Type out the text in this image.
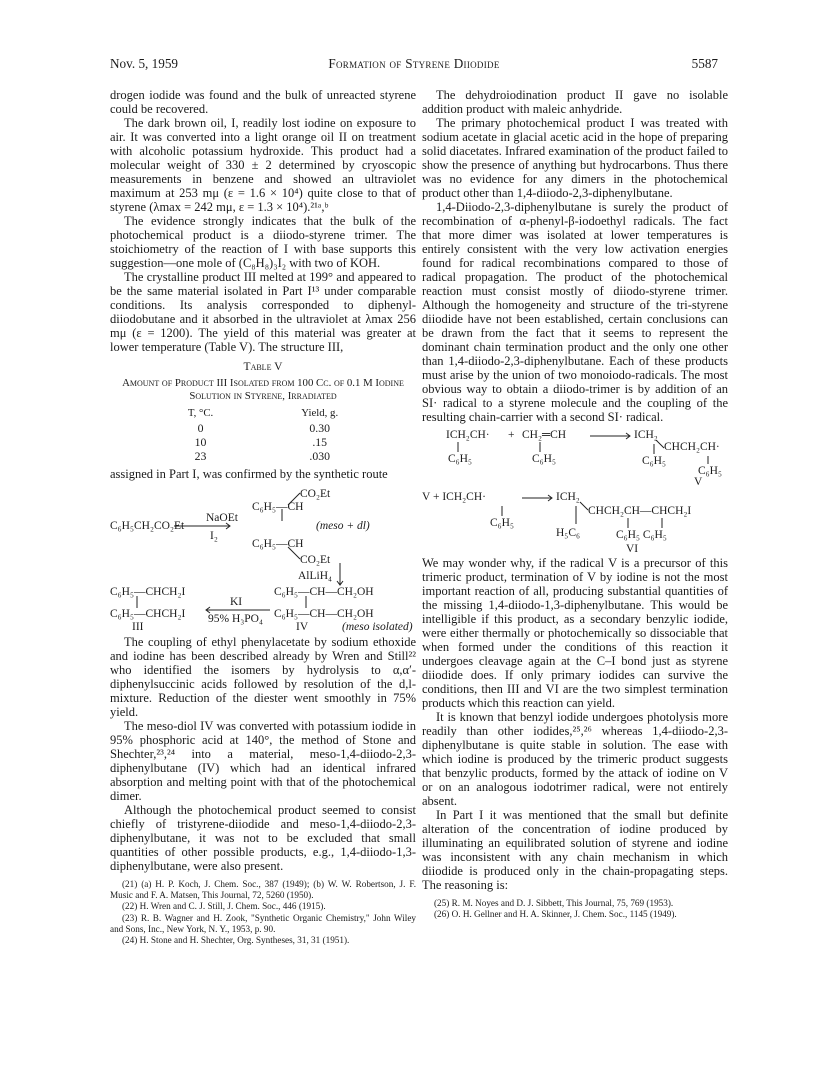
Nov. 5, 1959	Formation of Styrene Diiodide	5587

drogen iodide was found and the bulk of unreacted styrene could be recovered.

The dark brown oil, I, readily lost iodine on exposure to air. It was converted into a light orange oil II on treatment with alcoholic potassium hydroxide. This product had a molecular weight of 330 ± 2 determined by cryoscopic measurements in benzene and showed an ultraviolet maximum at 253 mμ (ε = 1.6 × 10⁴) quite close to that of styrene (λmax = 242 mμ, ε = 1.3 × 10⁴).²¹ᵃ,ᵇ

The evidence strongly indicates that the bulk of the photochemical product is a diiodo-styrene trimer. The stoichiometry of the reaction of I with base supports this suggestion—one mole of (C₈H₈)₃I₂ with two of KOH.

The crystalline product III melted at 199° and appeared to be the same material isolated in Part I¹³ under comparable conditions. Its analysis corresponded to diphenyl-diiodobutane and it absorbed in the ultraviolet at λmax 256 mμ (ε = 1200). The yield of this material was greater at lower temperature (Table V). The structure III,

Table V
Amount of Product III Isolated from 100 Cc. of 0.1 M Iodine Solution in Styrene, Irradiated
T, °C.	Yield, g.
0	0.30
10	.15
23	.030

assigned in Part I, was confirmed by the synthetic route

CO₂Et
NaOEt
C₆H₅—CH
C₆H₅CH₂CO₂Et	(meso + dl)
I₂
C₆H₅—CH
CO₂Et
AlLiH₄
C₆H₅—CHCH₂I
KI
C₆H₅—CH—CH₂OH
C₆H₅—CHCH₂I 95% H₃PO₄ C₆H₅—CH—CH₂OH
III	IV	(meso isolated)

The coupling of ethyl phenylacetate by sodium ethoxide and iodine has been described already by Wren and Still²² who identified the isomers by hydrolysis to α,α′-diphenylsuccinic acids followed by resolution of the d,l-mixture. Reduction of the diester went smoothly in 75% yield.

The meso-diol IV was converted with potassium iodide in 95% phosphoric acid at 140°, the method of Stone and Shechter,²³,²⁴ into a material, meso-1,4-diiodo-2,3-diphenylbutane (IV) which had an identical infrared absorption and melting point with that of the photochemical dimer.

Although the photochemical product seemed to consist chiefly of tristyrene-diiodide and meso-1,4-diiodo-2,3-diphenylbutane, it was not to be excluded that small quantities of other possible products, e.g., 1,4-diiodo-1,3-diphenylbutane, were also present.

(21) (a) H. P. Koch, J. Chem. Soc., 387 (1949); (b) W. W. Robertson, J. F. Music and F. A. Matsen, This Journal, 72, 5260 (1950).

(22) H. Wren and C. J. Still, J. Chem. Soc., 446 (1915).

(23) R. B. Wagner and H. Zook, "Synthetic Organic Chemistry," John Wiley and Sons, Inc., New York, N. Y., 1953, p. 90.

(24) H. Stone and H. Shechter, Org. Syntheses, 31, 31 (1951).

The dehydroiodination product II gave no isolable addition product with maleic anhydride.

The primary photochemical product I was treated with sodium acetate in glacial acetic acid in the hope of preparing solid diacetates. Infrared examination of the product failed to show the presence of anything but hydrocarbons. Thus there was no evidence for any dimers in the photochemical product other than 1,4-diiodo-2,3-diphenylbutane.

1,4-Diiodo-2,3-diphenylbutane is surely the product of recombination of α-phenyl-β-iodoethyl radicals. The fact that more dimer was isolated at lower temperatures is entirely consistent with the very low activation energies found for radical recombinations compared to those of radical propagation. The product of the photochemical reaction must consist mostly of diiodo-styrene trimer. Although the homogeneity and structure of the tri-styrene diiodide have not been established, certain conclusions can be drawn from the fact that it seems to represent the dominant chain termination product and the only one other than 1,4-diiodo-2,3-diphenylbutane. Each of these products must arise by the union of two monoiodo-radicals. The most obvious way to obtain a diiodo-trimer is by addition of an SI· radical to a styrene molecule and the coupling of the resulting chain-carrier with a second SI· radical.

ICH₂CH· + CH₂═CH	ICH₂
CHCH₂CH·
C₆H₅	C₆H₅	C₆H₅
C₆H₅
V
V + ICH₂CH·	ICH₂
CHCH₂CH—CHCH₂I
C₆H₅
H₅C₆	C₆H₅ C₆H₅
VI

We may wonder why, if the radical V is a precursor of this trimeric product, termination of V by iodine is not the most important reaction of all, producing substantial quantities of the missing 1,4-diiodo-1,3-diphenylbutane. This would be intelligible if this product, as a secondary benzylic iodide, were either thermally or photochemically so dissociable that when formed under the conditions of this reaction it undergoes cleavage again at the C–I bond just as styrene diiodide does. If only primary iodides can survive the conditions, then III and VI are the two simplest termination products which this reaction can yield.

It is known that benzyl iodide undergoes photolysis more readily than other iodides,²⁵,²⁶ whereas 1,4-diiodo-2,3-diphenylbutane is quite stable in solution. The ease with which iodine is produced by the trimeric product suggests that benzylic products, formed by the attack of iodine on V or on an analogous iodotrimer radical, were not entirely absent.

In Part I it was mentioned that the small but definite alteration of the concentration of iodine produced by illuminating an equilibrated solution of styrene and iodine was inconsistent with any chain mechanism in which diiodide is produced only in the chain-propagating steps. The reasoning is:

(25) R. M. Noyes and D. J. Sibbett, This Journal, 75, 769 (1953).

(26) O. H. Gellner and H. A. Skinner, J. Chem. Soc., 1145 (1949).
